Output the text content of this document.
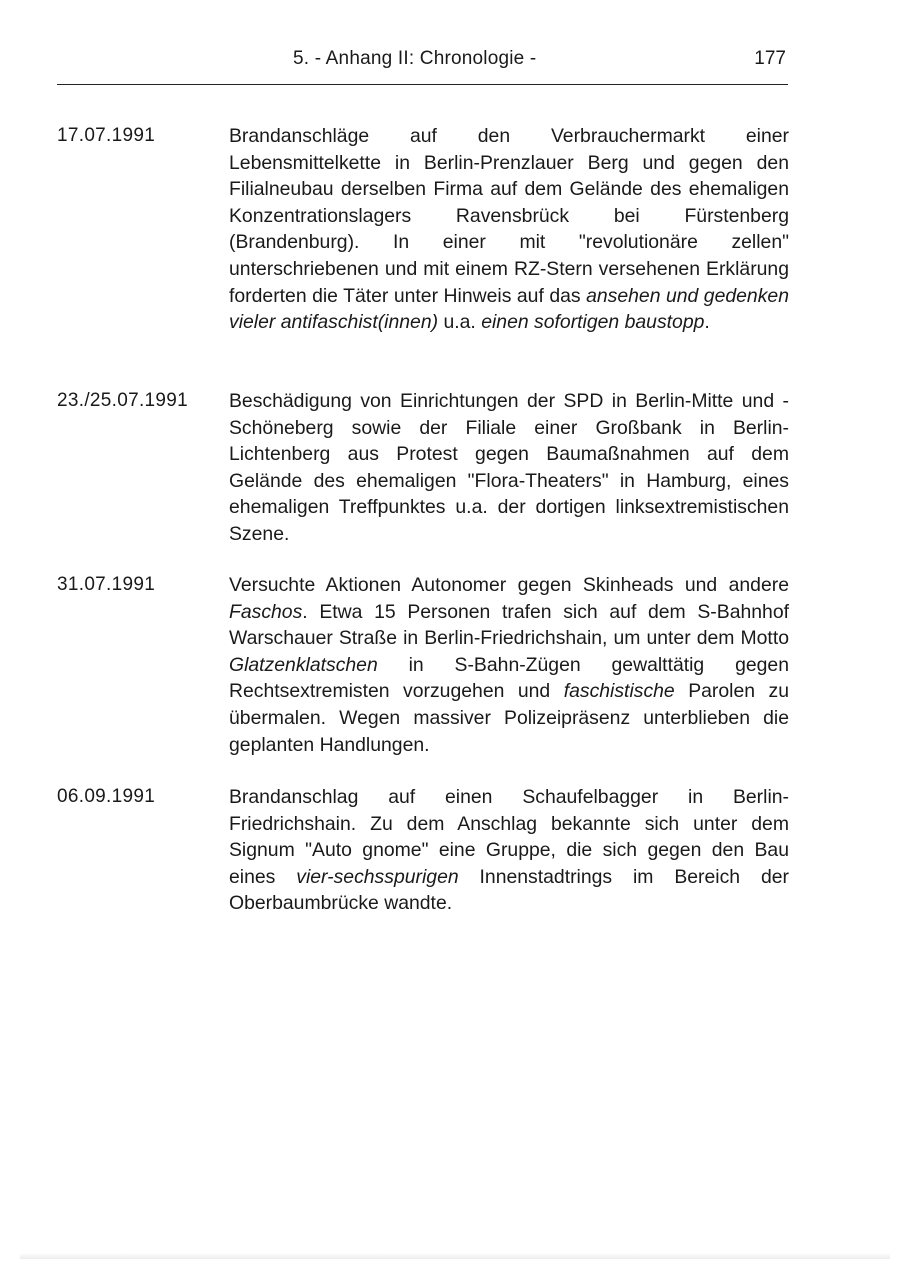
5. - Anhang II: Chronologie -	177
17.07.1991	Brandanschläge auf den Verbrauchermarkt einer Lebensmittelkette in Berlin-Prenzlauer Berg und gegen den Filialneubau derselben Firma auf dem Gelände des ehemaligen Konzentrationslagers Ravensbrück bei Fürstenberg (Brandenburg). In einer mit "revolutionäre zellen" unterschriebenen und mit einem RZ-Stern versehenen Erklärung forderten die Täter unter Hinweis auf das ansehen und gedenken vieler antifaschist(innen) u.a. einen sofortigen baustopp.
23./25.07.1991 Beschädigung von Einrichtungen der SPD in Berlin-Mitte und -Schöneberg sowie der Filiale einer Großbank in Berlin-Lichtenberg aus Protest gegen Baumaßnahmen auf dem Gelände des ehemaligen "Flora-Theaters" in Hamburg, eines ehemaligen Treffpunktes u.a. der dortigen linksextremistischen Szene.
31.07.1991	Versuchte Aktionen Autonomer gegen Skinheads und andere Faschos. Etwa 15 Personen trafen sich auf dem S-Bahnhof Warschauer Straße in Berlin-Friedrichshain, um unter dem Motto Glatzenklatschen in S-Bahn-Zügen gewalttätig gegen Rechtsextremisten vorzugehen und faschistische Parolen zu übermalen. Wegen massiver Polizeipräsenz unterblieben die geplanten Handlungen.
06.09.1991	Brandanschlag auf einen Schaufelbagger in Berlin-Friedrichshain. Zu dem Anschlag bekannte sich unter dem Signum "Auto gnome" eine Gruppe, die sich gegen den Bau eines vier-sechsspurigen Innenstadtrings im Bereich der Oberbaumbrücke wandte.
